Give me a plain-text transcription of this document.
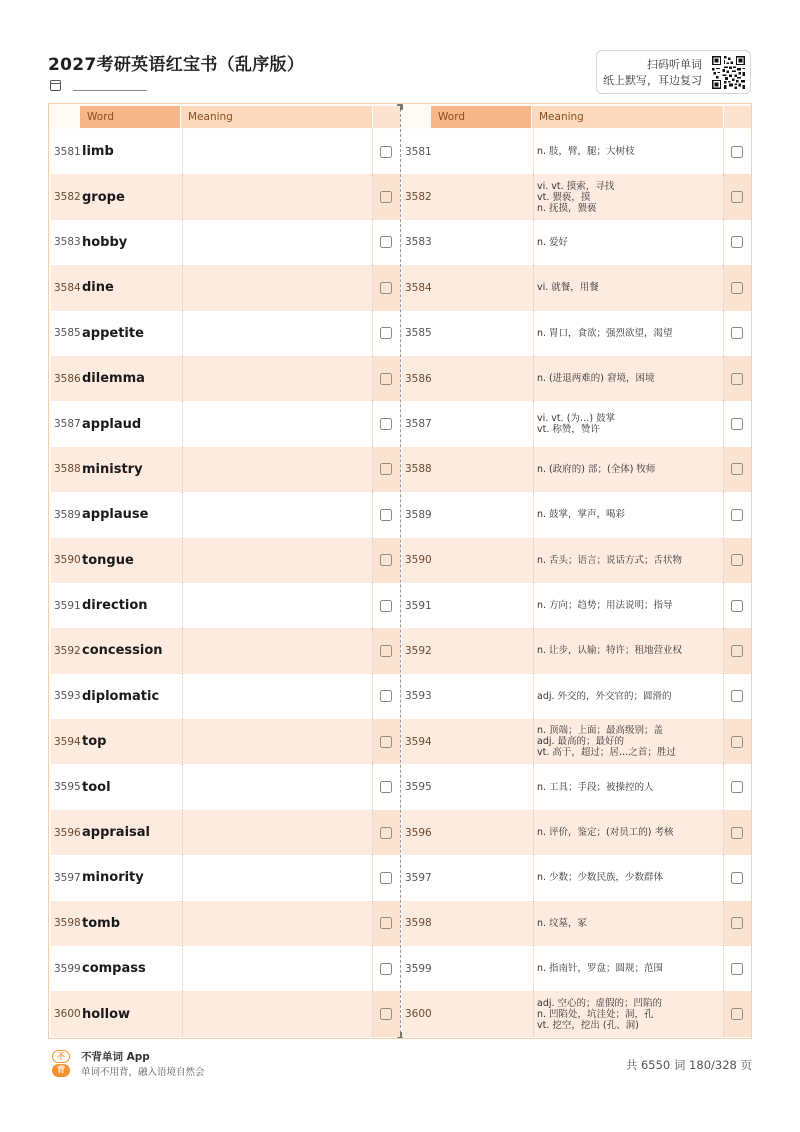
2027考研英语红宝书（乱序版）	扫码听单词
纸上默写，耳边复习
Word	Meaning
3581 limb
3582 grope
3583 hobby
3584 dine
3585 appetite
3586 dilemma
3587 applaud
3588 ministry
3589 applause
3590 tongue
3591 direction
3592 concession
3593 diplomatic
3594 top
3595 tool
3596 appraisal
3597 minority
3598 tomb
3599 compass
3600 hollow
Word	Meaning
3581	n. 肢，臂，腿；大树枝
3582
vi. vt. 摸索，寻找
vt. 猥亵，摸
n. 抚摸，猥亵
3583	n. 爱好
3584	vi. 就餐，用餐
3585	n. 胃口，食欲；强烈欲望，渴望
3586	n. (进退两难的) 窘境，困境
3587	vi. vt. (为…) 鼓掌
vt. 称赞，赞许
3588	n. (政府的) 部；(全体) 牧师
3589	n. 鼓掌，掌声，喝彩
3590	n. 舌头；语言；说话方式；舌状物
3591	n. 方向；趋势；用法说明；指导
3592	n. 让步，认输；特许；租地营业权
3593	adj. 外交的，外交官的；圆滑的
3594
n. 顶端；上面；最高级别；盖
adj. 最高的；最好的
vt. 高于，超过；居…之首；胜过
3595	n. 工具；手段；被操控的人
3596	n. 评价，鉴定；(对员工的) 考核
3597	n. 少数；少数民族，少数群体
3598	n. 坟墓，冢
3599	n. 指南针，罗盘；圆规；范围
3600
adj. 空心的；虚假的；凹陷的
n. 凹陷处，坑洼处；洞，孔
vt. 挖空，挖出 (孔、洞)
不
背
不背单词 App
单词不用背，融入语境自然会
共 6550 词 180/328 页
